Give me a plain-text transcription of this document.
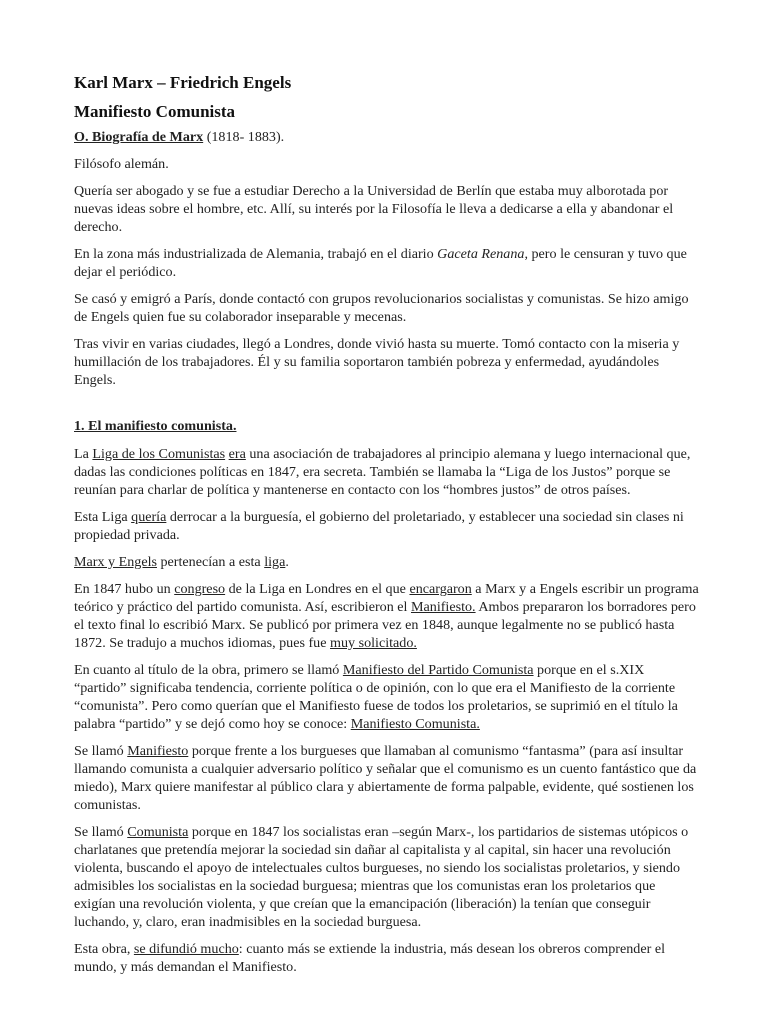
Karl Marx – Friedrich Engels
Manifiesto Comunista

O. Biografía de Marx (1818- 1883).

Filósofo alemán.

Quería ser abogado y se fue a estudiar Derecho a la Universidad de Berlín que estaba muy alborotada por nuevas ideas sobre el hombre, etc. Allí, su interés por la Filosofía le lleva a dedicarse a ella y abandonar el derecho.

En la zona más industrializada de Alemania, trabajó en el diario Gaceta Renana, pero le censuran y tuvo que dejar el periódico.

Se casó y emigró a París, donde contactó con grupos revolucionarios socialistas y comunistas. Se hizo amigo de Engels quien fue su colaborador inseparable y mecenas.

Tras vivir en varias ciudades, llegó a Londres, donde vivió hasta su muerte. Tomó contacto con la miseria y humillación de los trabajadores. Él y su familia soportaron también pobreza y enfermedad, ayudándoles Engels.

1. El manifiesto comunista.

La Liga de los Comunistas era una asociación de trabajadores al principio alemana y luego internacional que, dadas las condiciones políticas en 1847, era secreta. También se llamaba la “Liga de los Justos” porque se reunían para charlar de política y mantenerse en contacto con los “hombres justos” de otros países.

Esta Liga quería derrocar a la burguesía, el gobierno del proletariado, y establecer una sociedad sin clases ni propiedad privada.

Marx y Engels pertenecían a esta liga.

En 1847 hubo un congreso de la Liga en Londres en el que encargaron a Marx y a Engels escribir un programa teórico y práctico del partido comunista. Así, escribieron el Manifiesto. Ambos prepararon los borradores pero el texto final lo escribió Marx. Se publicó por primera vez en 1848, aunque legalmente no se publicó hasta 1872. Se tradujo a muchos idiomas, pues fue muy solicitado.

En cuanto al título de la obra, primero se llamó Manifiesto del Partido Comunista porque en el s.XIX “partido” significaba tendencia, corriente política o de opinión, con lo que era el Manifiesto de la corriente “comunista”. Pero como querían que el Manifiesto fuese de todos los proletarios, se suprimió en el título la palabra “partido” y se dejó como hoy se conoce: Manifiesto Comunista.

Se llamó Manifiesto porque frente a los burgueses que llamaban al comunismo “fantasma” (para así insultar llamando comunista a cualquier adversario político y señalar que el comunismo es un cuento fantástico que da miedo), Marx quiere manifestar al público clara y abiertamente de forma palpable, evidente, qué sostienen los comunistas.

Se llamó Comunista porque en 1847 los socialistas eran –según Marx-, los partidarios de sistemas utópicos o charlatanes que pretendía mejorar la sociedad sin dañar al capitalista y al capital, sin hacer una revolución violenta, buscando el apoyo de intelectuales cultos burgueses, no siendo los socialistas proletarios, y siendo admisibles los socialistas en la sociedad burguesa; mientras que los comunistas eran los proletarios que exigían una revolución violenta, y que creían que la emancipación (liberación) la tenían que conseguir luchando, y, claro, eran inadmisibles en la sociedad burguesa.

Esta obra, se difundió mucho: cuanto más se extiende la industria, más desean los obreros comprender el mundo, y más demandan el Manifiesto.
